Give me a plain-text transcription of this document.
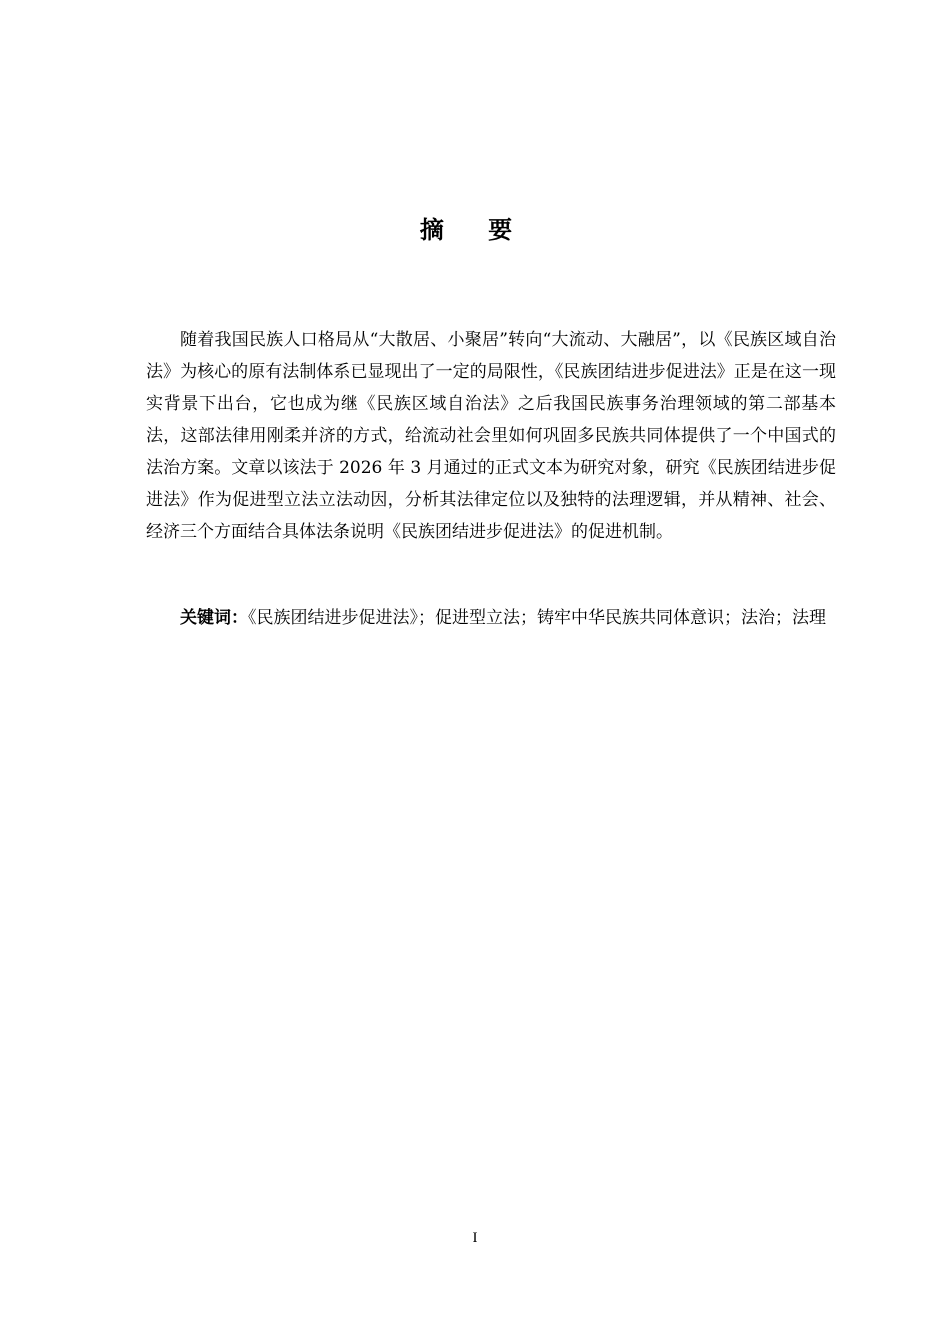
摘 要

随着我国民族人口格局从“大散居、小聚居”转向“大流动、大融居”，以《民族区域自治法》为核心的原有法制体系已显现出了一定的局限性，《民族团结进步促进法》正是在这一现实背景下出台，它也成为继《民族区域自治法》之后我国民族事务治理领域的第二部基本法，这部法律用刚柔并济的方式，给流动社会里如何巩固多民族共同体提供了一个中国式的法治方案。文章以该法于 2026 年 3 月通过的正式文本为研究对象，研究《民族团结进步促进法》作为促进型立法立法动因，分析其法律定位以及独特的法理逻辑，并从精神、社会、经济三个方面结合具体法条说明《民族团结进步促进法》的促进机制。

关键词：《民族团结进步促进法》；促进型立法；铸牢中华民族共同体意识；法治；法理

I
